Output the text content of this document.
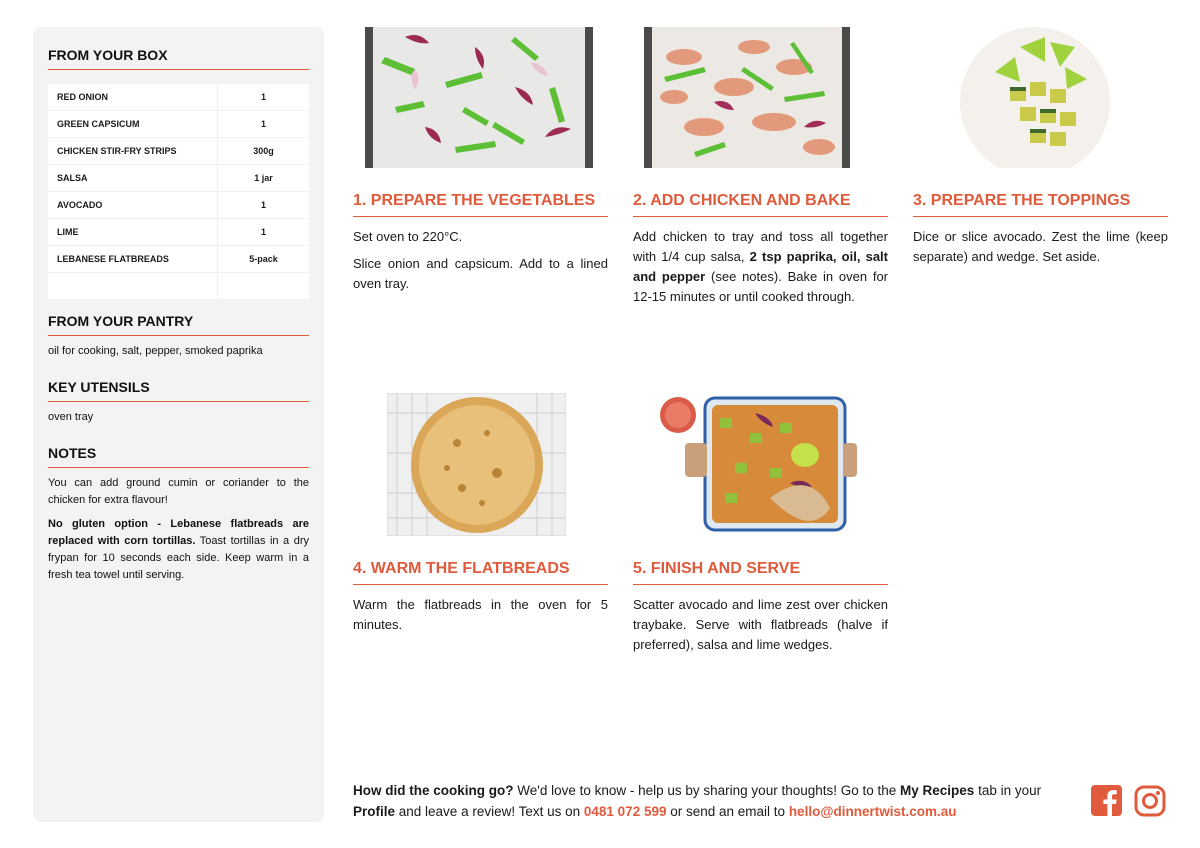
FROM YOUR BOX
RED ONION	1
GREEN CAPSICUM	1
CHICKEN STIR-FRY STRIPS	300g
SALSA	1 jar
AVOCADO	1
LIME	1
LEBANESE FLATBREADS	5-pack
FROM YOUR PANTRY
oil for cooking, salt, pepper, smoked paprika
KEY UTENSILS
oven tray
NOTES
You can add ground cumin or coriander to the chicken for extra flavour!
No gluten option - Lebanese flatbreads are replaced with corn tortillas. Toast tortillas in a dry frypan for 10 seconds each side. Keep warm in a fresh tea towel until serving.
1. PREPARE THE VEGETABLES

Set oven to 220°C.

Slice onion and capsicum. Add to a lined oven tray.

2. ADD CHICKEN AND BAKE

Add chicken to tray and toss all together with 1/4 cup salsa, 2 tsp paprika, oil, salt and pepper (see notes). Bake in oven for 12-15 minutes or until cooked through.

3. PREPARE THE TOPPINGS

Dice or slice avocado. Zest the lime (keep separate) and wedge. Set aside.

4. WARM THE FLATBREADS

Warm the flatbreads in the oven for 5 minutes.

5. FINISH AND SERVE

Scatter avocado and lime zest over chicken traybake. Serve with flatbreads (halve if preferred), salsa and lime wedges.

How did the cooking go? We'd love to know - help us by sharing your thoughts! Go to the My Recipes tab in your Profile and leave a review! Text us on 0481 072 599 or send an email to hello@dinnertwist.com.au
